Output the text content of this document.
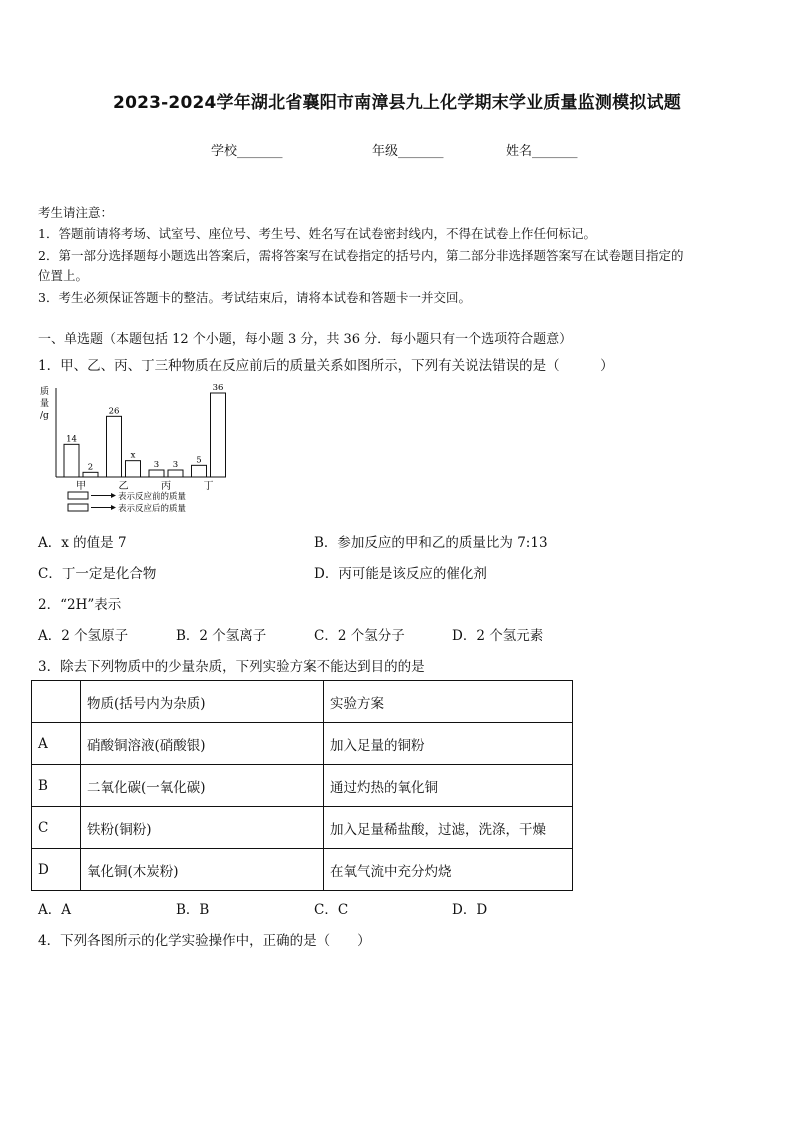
2023-2024学年湖北省襄阳市南漳县九上化学期末学业质量监测模拟试题
学校_______	年级_______	姓名_______
考生请注意：
1．答题前请将考场、试室号、座位号、考生号、姓名写在试卷密封线内，不得在试卷上作任何标记。
2．第一部分选择题每小题选出答案后，需将答案写在试卷指定的括号内，第二部分非选择题答案写在试卷题目指定的
位置上。
3．考生必须保证答题卡的整洁。考试结束后，请将本试卷和答题卡一并交回。
一、单选题（本题包括 12 个小题，每小题 3 分，共 36 分．每小题只有一个选项符合题意）
1．甲、乙、丙、丁三种物质在反应前后的质量关系如图所示，下列有关说法错误的是（　　　）
质
量
/g
14
2
甲
26
x
乙
3 3
丙
5
36
丁
表示反应前的质量
表示反应后的质量
A．x 的值是 7	B．参加反应的甲和乙的质量比为 7:13
C．丁一定是化合物	D．丙可能是该反应的催化剂
2．“2H”表示
A．2 个氢原子	B．2 个氢离子	C．2 个氢分子	D．2 个氢元素
3．除去下列物质中的少量杂质，下列实验方案不能达到目的的是
	物质(括号内为杂质)	实验方案
A	硝酸铜溶液(硝酸银)	加入足量的铜粉
B	二氧化碳(一氧化碳)	通过灼热的氧化铜
C	铁粉(铜粉)	加入足量稀盐酸，过滤，洗涤，干燥
D	氧化铜(木炭粉)	在氧气流中充分灼烧
A．A	B．B	C．C	D．D
4．下列各图所示的化学实验操作中，正确的是（　　）
